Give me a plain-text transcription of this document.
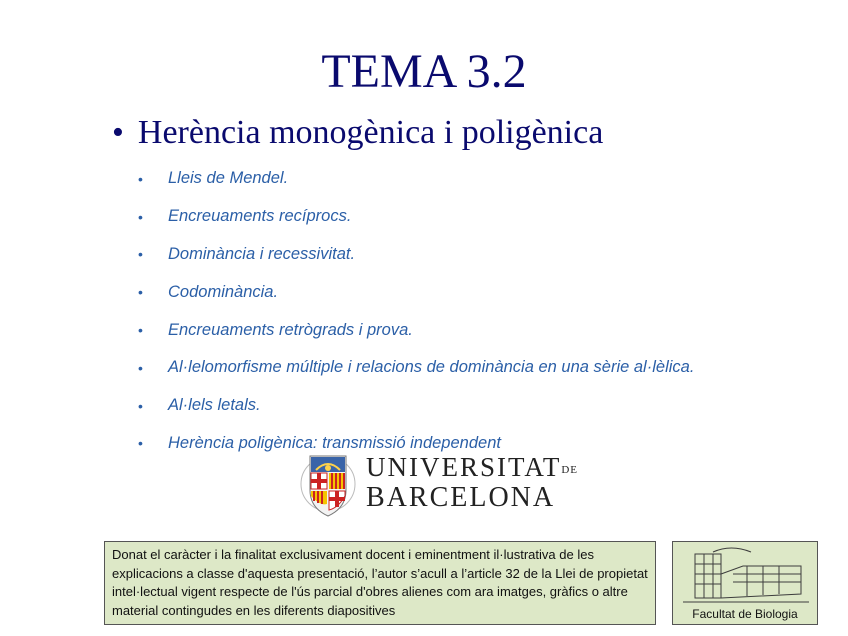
TEMA 3.2
• Herència monogènica i poligènica
•	Lleis de Mendel.
•	Encreuaments recíprocs.
•	Dominància i recessivitat.
•	Codominància.
•	Encreuaments retrògrads i prova.
•	Al·lelomorfisme múltiple i relacions de dominància en una sèrie al·lèlica.
•	Al·lels letals.
•	Herència poligènica: transmissió independent
UNIVERSITATDE
BARCELONA
Donat el caràcter i la finalitat exclusivament docent i eminentment il·lustrativa de les explicacions a classe d'aquesta presentació, l’autor s’acull a l’article 32 de la Llei de propietat intel·lectual vigent respecte de l'ús parcial d'obres alienes com ara imatges, gràfics o altre material contingudes en les diferents diapositives	Facultat de Biologia
